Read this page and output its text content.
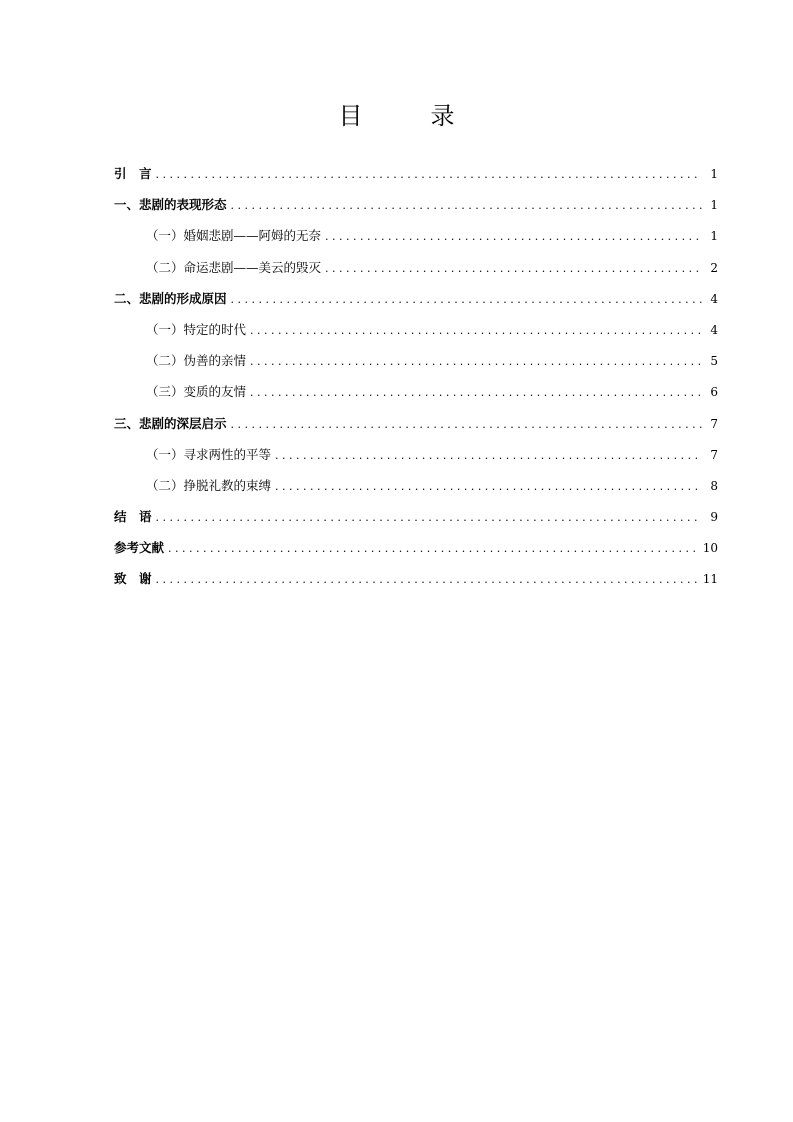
目　录
引　言 . . .	1
一、悲剧的表现形态 . . .	1
（一）婚姻悲剧——阿姆的无奈 . . .	1
（二）命运悲剧——美云的毁灭 . . .	2
二、悲剧的形成原因 . . .	4
（一）特定的时代 . . .	4
（二）伪善的亲情 . . .	5
（三）变质的友情 . . .	6
三、悲剧的深层启示 . . .	7
（一）寻求两性的平等 . . .	7
（二）挣脱礼教的束缚 . . .	8
结　语 . . .	9
参考文献 . . .	10
致　谢 . . .	11
